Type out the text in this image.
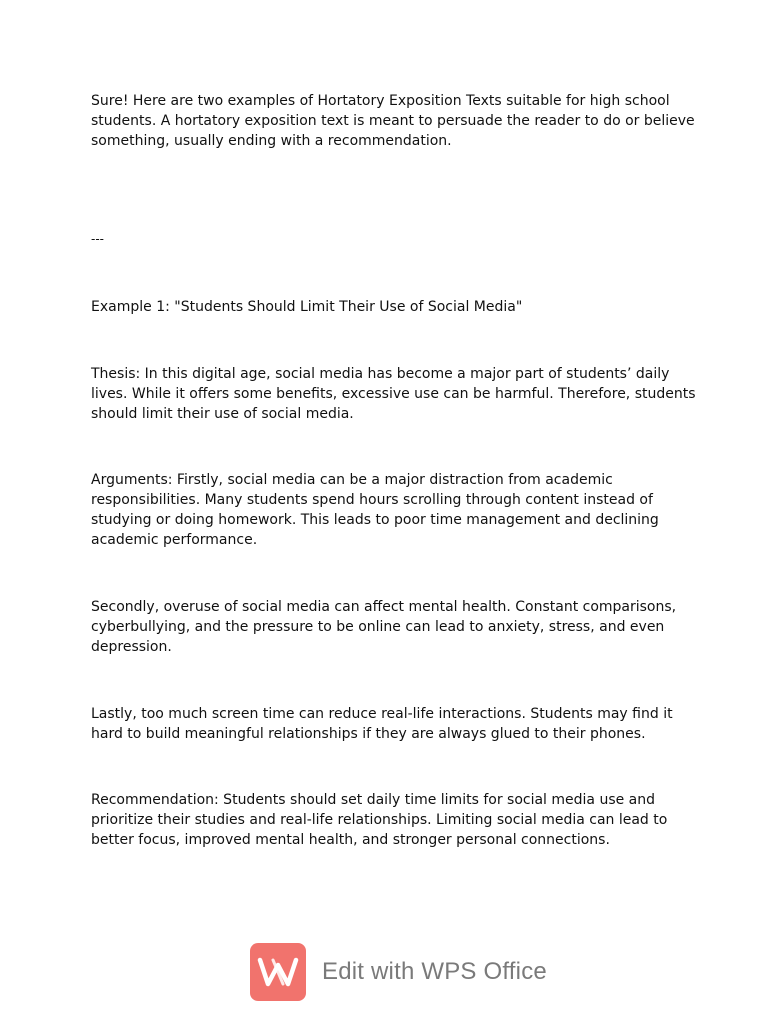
Sure! Here are two examples of Hortatory Exposition Texts suitable for high school students. A hortatory exposition text is meant to persuade the reader to do or believe something, usually ending with a recommendation.

---

Example 1: "Students Should Limit Their Use of Social Media"

Thesis: In this digital age, social media has become a major part of students’ daily lives. While it offers some benefits, excessive use can be harmful. Therefore, students should limit their use of social media.

Arguments: Firstly, social media can be a major distraction from academic responsibilities. Many students spend hours scrolling through content instead of studying or doing homework. This leads to poor time management and declining academic performance.

Secondly, overuse of social media can affect mental health. Constant comparisons, cyberbullying, and the pressure to be online can lead to anxiety, stress, and even depression.

Lastly, too much screen time can reduce real-life interactions. Students may find it hard to build meaningful relationships if they are always glued to their phones.

Recommendation: Students should set daily time limits for social media use and prioritize their studies and real-life relationships. Limiting social media can lead to better focus, improved mental health, and stronger personal connections.

Edit with WPS Office
